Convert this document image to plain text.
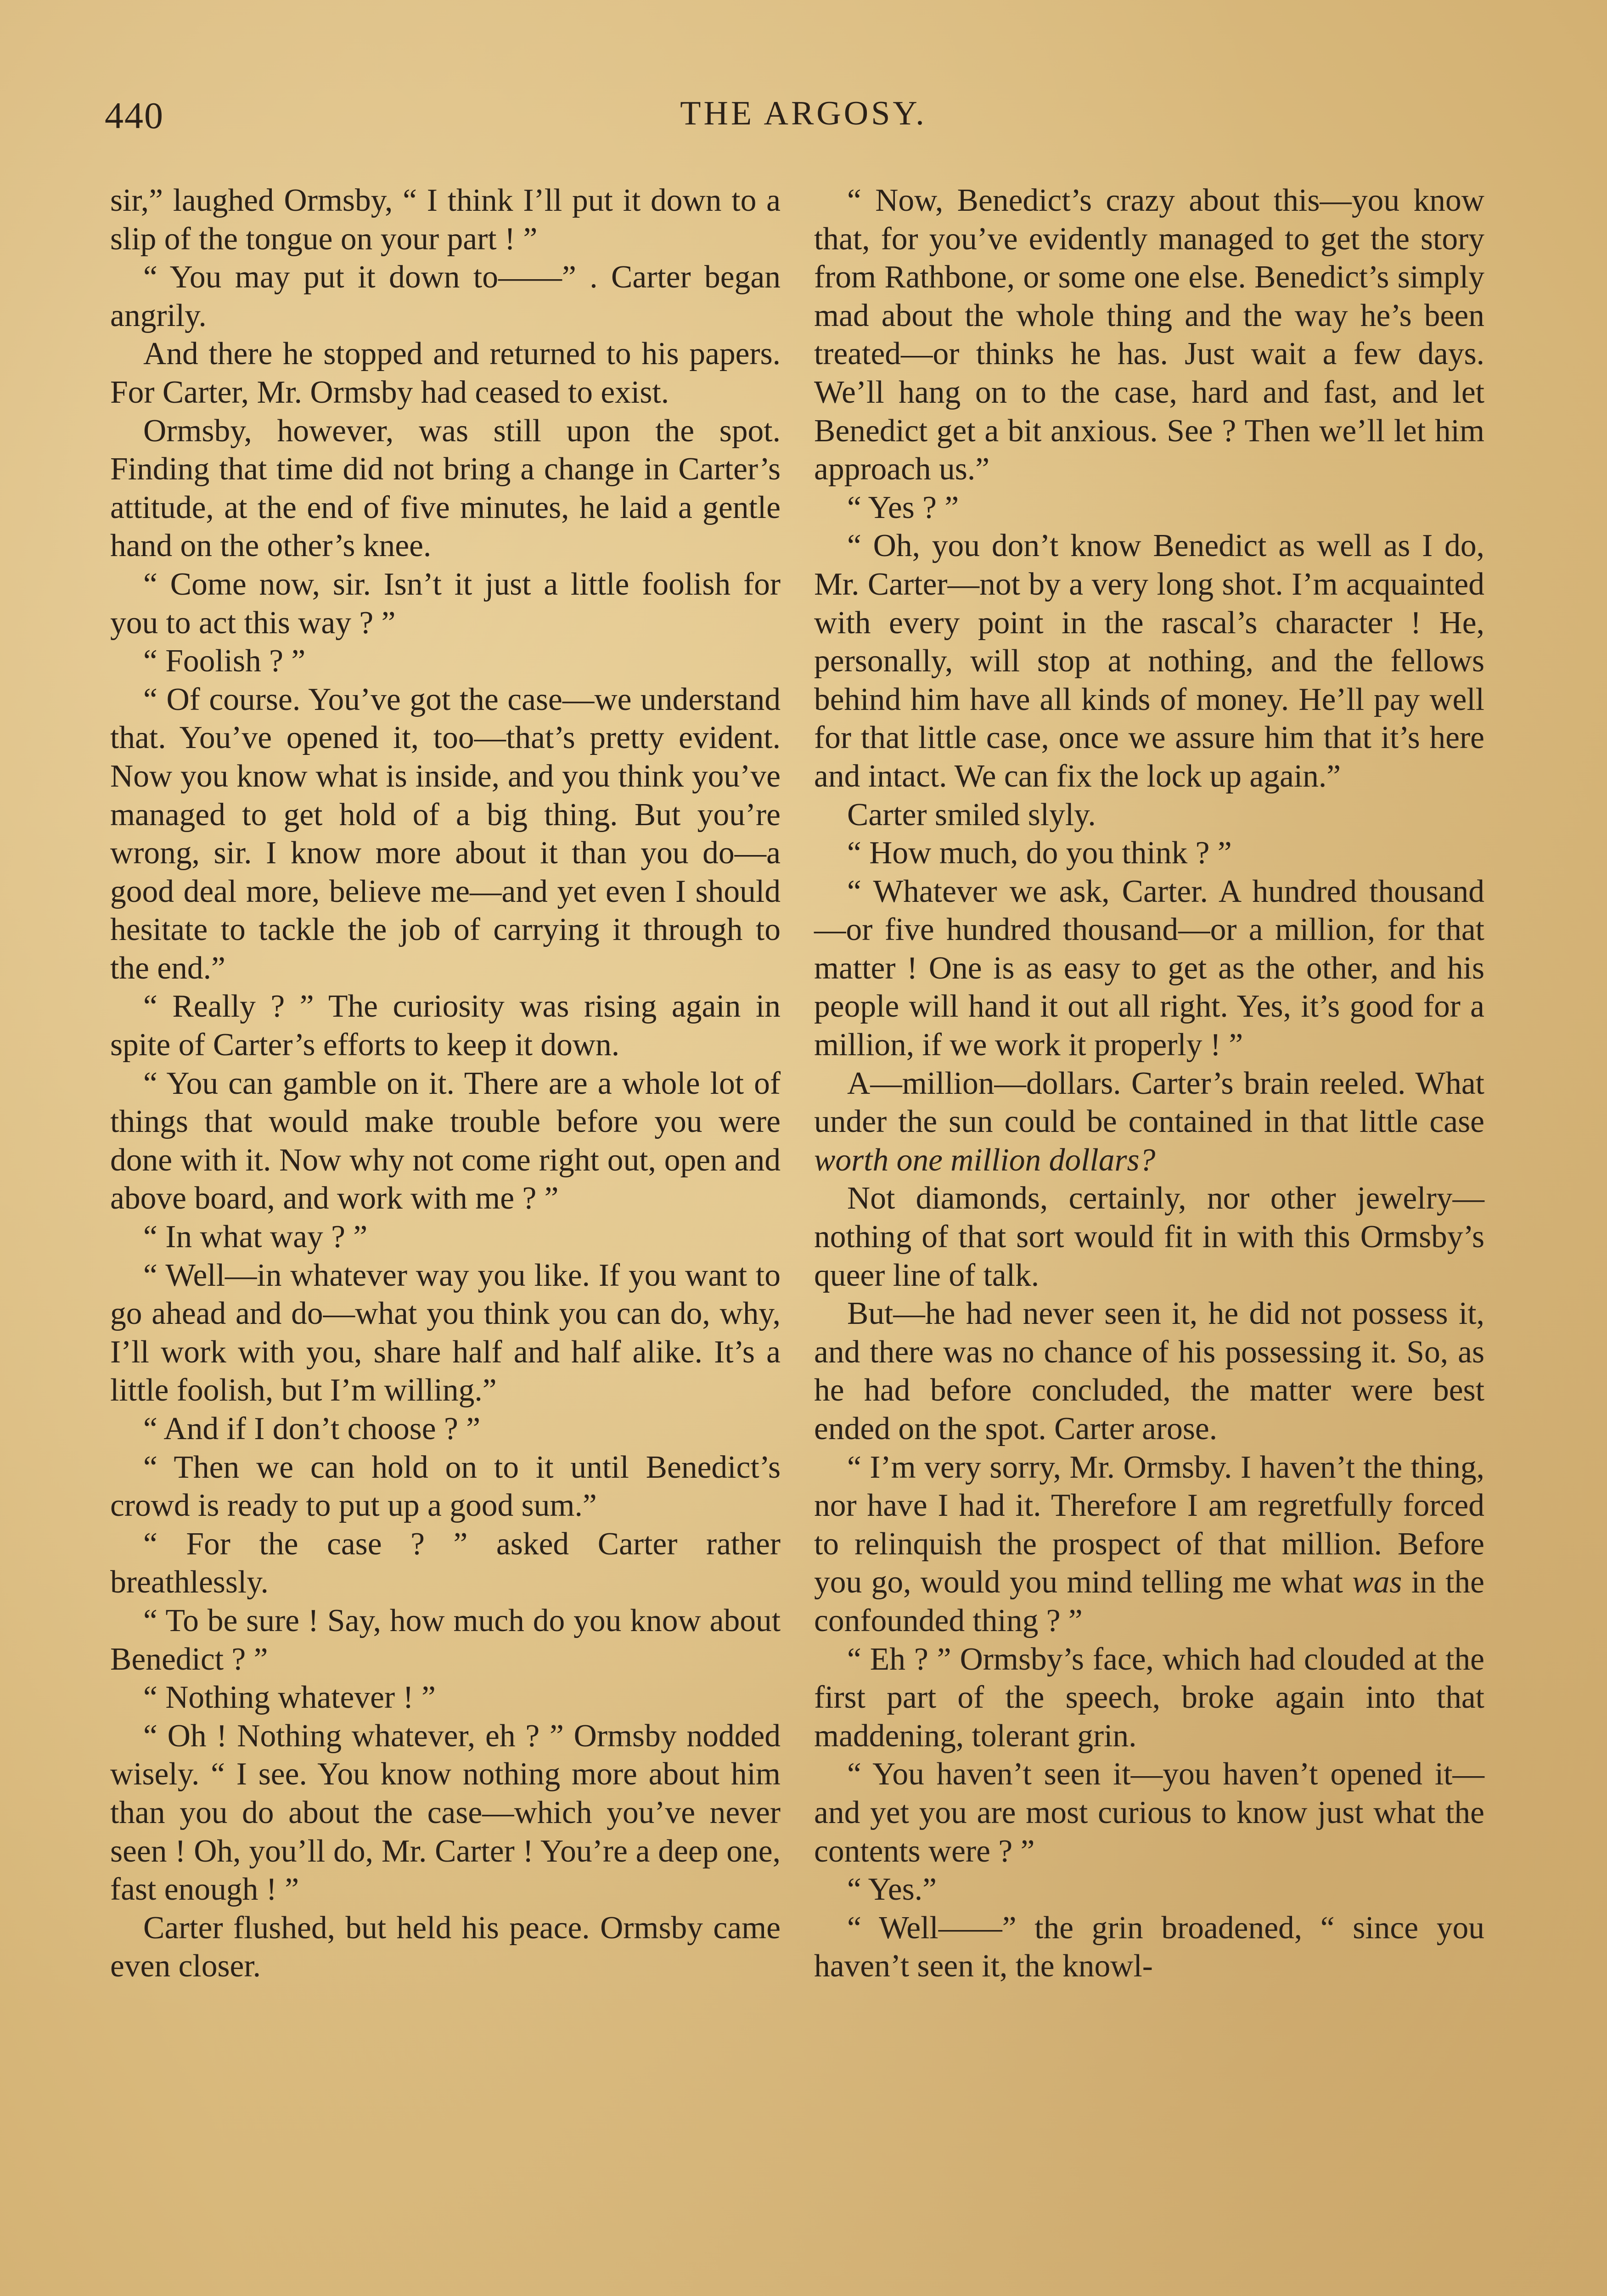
440	THE ARGOSY.

sir,” laughed Ormsby, “ I think I’ll put it down to a slip of the tongue on your part ! ”

“ You may put it down to——” . Carter began angrily.

And there he stopped and returned to his papers. For Carter, Mr. Ormsby had ceased to exist.

Ormsby, however, was still upon the spot. Finding that time did not bring a change in Carter’s attitude, at the end of five minutes, he laid a gentle hand on the other’s knee.

“ Come now, sir. Isn’t it just a little foolish for you to act this way ? ”

“ Foolish ? ”

“ Of course. You’ve got the case—we understand that. You’ve opened it, too—that’s pretty evident. Now you know what is inside, and you think you’ve managed to get hold of a big thing. But you’re wrong, sir. I know more about it than you do—a good deal more, believe me—and yet even I should hesitate to tackle the job of carrying it through to the end.”

“ Really ? ” The curiosity was rising again in spite of Carter’s efforts to keep it down.

“ You can gamble on it. There are a whole lot of things that would make trouble before you were done with it. Now why not come right out, open and above board, and work with me ? ”

“ In what way ? ”

“ Well—in whatever way you like. If you want to go ahead and do—what you think you can do, why, I’ll work with you, share half and half alike. It’s a little foolish, but I’m willing.”

“ And if I don’t choose ? ”

“ Then we can hold on to it until Benedict’s crowd is ready to put up a good sum.”

“ For the case ? ” asked Carter rather breathlessly.

“ To be sure ! Say, how much do you know about Benedict ? ”

“ Nothing whatever ! ”

“ Oh ! Nothing whatever, eh ? ” Ormsby nodded wisely. “ I see. You know nothing more about him than you do about the case—which you’ve never seen ! Oh, you’ll do, Mr. Carter ! You’re a deep one, fast enough ! ”

Carter flushed, but held his peace. Ormsby came even closer.

“ Now, Benedict’s crazy about this—you know that, for you’ve evidently managed to get the story from Rathbone, or some one else. Benedict’s simply mad about the whole thing and the way he’s been treated—or thinks he has. Just wait a few days. We’ll hang on to the case, hard and fast, and let Benedict get a bit anxious. See ? Then we’ll let him approach us.”

“ Yes ? ”

“ Oh, you don’t know Benedict as well as I do, Mr. Carter—not by a very long shot. I’m acquainted with every point in the rascal’s character ! He, personally, will stop at nothing, and the fellows behind him have all kinds of money. He’ll pay well for that little case, once we assure him that it’s here and intact. We can fix the lock up again.”

Carter smiled slyly.

“ How much, do you think ? ”

“ Whatever we ask, Carter. A hundred thousand—or five hundred thousand—or a million, for that matter ! One is as easy to get as the other, and his people will hand it out all right. Yes, it’s good for a million, if we work it properly ! ”

A—million—dollars. Carter’s brain reeled. What under the sun could be contained in that little case worth one million dollars?

Not diamonds, certainly, nor other jewelry—nothing of that sort would fit in with this Ormsby’s queer line of talk.

But—he had never seen it, he did not possess it, and there was no chance of his possessing it. So, as he had before concluded, the matter were best ended on the spot. Carter arose.

“ I’m very sorry, Mr. Ormsby. I haven’t the thing, nor have I had it. Therefore I am regretfully forced to relinquish the prospect of that million. Before you go, would you mind telling me what was in the confounded thing ? ”

“ Eh ? ” Ormsby’s face, which had clouded at the first part of the speech, broke again into that maddening, tolerant grin.

“ You haven’t seen it—you haven’t opened it—and yet you are most curious to know just what the contents were ? ”

“ Yes.”

“ Well——” the grin broadened, “ since you haven’t seen it, the knowl-
